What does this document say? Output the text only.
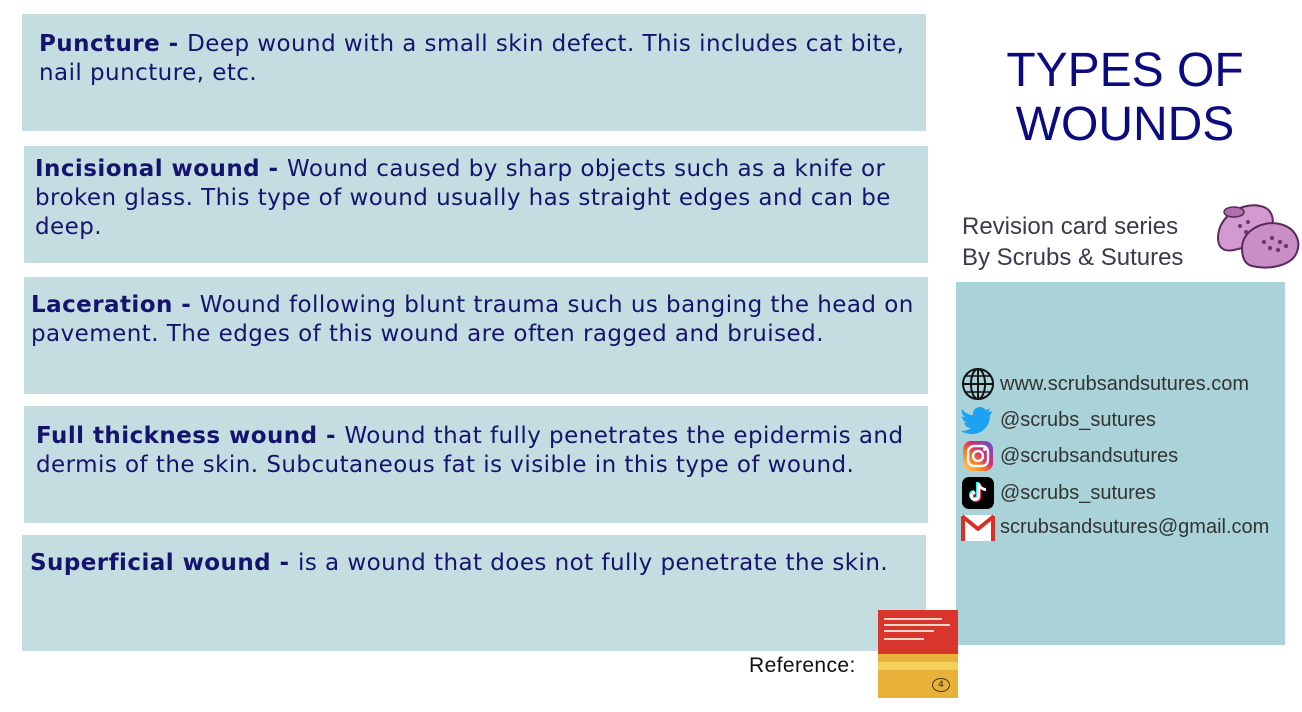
Puncture - Deep wound with a small skin defect. This includes cat bite, nail puncture, etc.
Incisional wound - Wound caused by sharp objects such as a knife or broken glass. This type of wound usually has straight edges and can be deep.
Laceration - Wound following blunt trauma such us banging the head on pavement. The edges of this wound are often ragged and bruised.
Full thickness wound - Wound that fully penetrates the epidermis and dermis of the skin. Subcutaneous fat is visible in this type of wound.
Superficial wound - is a wound that does not fully penetrate the skin.
TYPES OF
WOUNDS
Revision card series
By Scrubs & Sutures
www.scrubsandsutures.com
@scrubs_sutures
@scrubsandsutures
@scrubs_sutures
scrubsandsutures@gmail.com
Reference:
4
